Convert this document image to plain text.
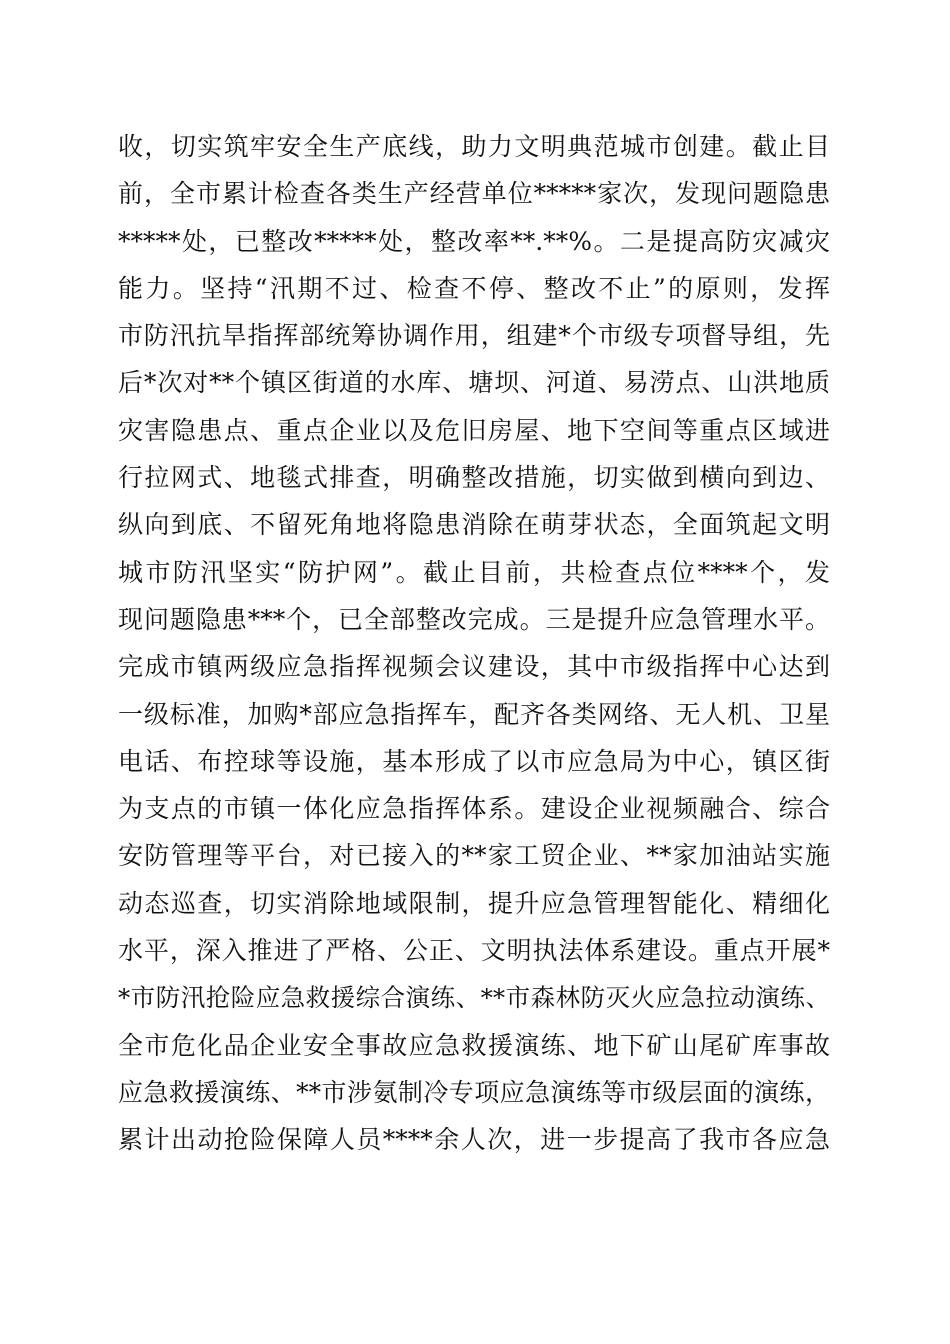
收，切实筑牢安全生产底线，助力文明典范城市创建。截止目
前，全市累计检查各类生产经营单位*****家次，发现问题隐患
*****处，已整改*****处，整改率**.**%。二是提高防灾减灾
能力。坚持“汛期不过、检查不停、整改不止”的原则，发挥
市防汛抗旱指挥部统筹协调作用，组建*个市级专项督导组，先
后*次对**个镇区街道的水库、塘坝、河道、易涝点、山洪地质
灾害隐患点、重点企业以及危旧房屋、地下空间等重点区域进
行拉网式、地毯式排查，明确整改措施，切实做到横向到边、
纵向到底、不留死角地将隐患消除在萌芽状态，全面筑起文明
城市防汛坚实“防护网”。截止目前，共检查点位****个，发
现问题隐患***个，已全部整改完成。三是提升应急管理水平。
完成市镇两级应急指挥视频会议建设，其中市级指挥中心达到
一级标准，加购*部应急指挥车，配齐各类网络、无人机、卫星
电话、布控球等设施，基本形成了以市应急局为中心，镇区街
为支点的市镇一体化应急指挥体系。建设企业视频融合、综合
安防管理等平台，对已接入的**家工贸企业、**家加油站实施
动态巡查，切实消除地域限制，提升应急管理智能化、精细化
水平，深入推进了严格、公正、文明执法体系建设。重点开展*
*市防汛抢险应急救援综合演练、**市森林防灭火应急拉动演练、
全市危化品企业安全事故应急救援演练、地下矿山尾矿库事故
应急救援演练、**市涉氨制冷专项应急演练等市级层面的演练，
累计出动抢险保障人员****余人次，进一步提高了我市各应急
